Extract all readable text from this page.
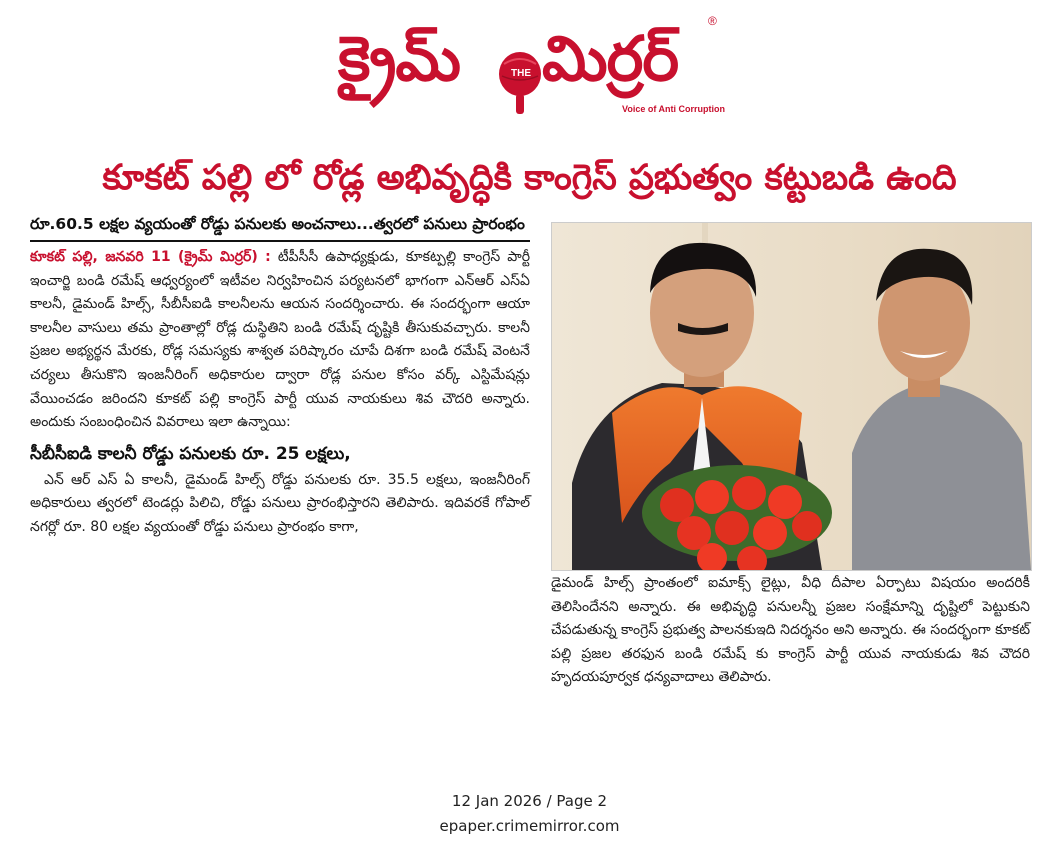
క్రైమ్	THE మిర్రర్
®
Voice of Anti Corruption
కూకట్ పల్లి లో రోడ్ల అభివృద్ధికి కాంగ్రెస్ ప్రభుత్వం కట్టుబడి ఉంది
రూ.60.5 లక్షల వ్యయంతో రోడ్డు పనులకు అంచనాలు...త్వరలో పనులు ప్రారంభం

కూకట్ పల్లి, జనవరి 11 (క్రైమ్ మిర్రర్) : టీపీసీసీ ఉపాధ్యక్షుడు, కూకట్పల్లి కాంగ్రెస్ పార్టీ ఇంచార్జి బండి రమేష్ ఆధ్వర్యంలో ఇటీవల నిర్వహించిన పర్యటనలో భాగంగా ఎన్ఆర్ ఎస్ఏ కాలనీ, డైమండ్ హిల్స్, సీబీసీఐడి కాలనీలను ఆయన సందర్శించారు. ఈ సందర్భంగా ఆయా కాలనీల వాసులు తమ ప్రాంతాల్లో రోడ్ల దుస్థితిని బండి రమేష్ దృష్టికి తీసుకువచ్చారు. కాలనీ ప్రజల అభ్యర్థన మేరకు, రోడ్ల సమస్యకు శాశ్వత పరిష్కారం చూపే దిశగా బండి రమేష్ వెంటనే చర్యలు తీసుకొని ఇంజనీరింగ్ అధికారుల ద్వారా రోడ్ల పనుల కోసం వర్క్ ఎస్టిమేషన్లు వేయించడం జరిందని కూకట్ పల్లి కాంగ్రెస్ పార్టీ యువ నాయకులు శివ చౌదరి అన్నారు. అందుకు సంబంధించిన వివరాలు ఇలా ఉన్నాయి:

సీబీసీఐడి కాలనీ రోడ్డు పనులకు రూ. 25 లక్షలు,

ఎన్ ఆర్ ఎస్ ఏ కాలనీ, డైమండ్ హిల్స్ రోడ్డు పనులకు రూ. 35.5 లక్షలు, ఇంజనీరింగ్ అధికారులు త్వరలో టెండర్లు పిలిచి, రోడ్డు పనులు ప్రారంభిస్తారని తెలిపారు. ఇదివరకే గోపాల్ నగర్లో రూ. 80 లక్షల వ్యయంతో రోడ్డు పనులు ప్రారంభం కాగా,

డైమండ్ హిల్స్ ప్రాంతంలో ఐమాక్స్ లైట్లు, వీధి దీపాల ఏర్పాటు విషయం అందరికీ తెలిసిందేనని అన్నారు. ఈ అభివృద్ధి పనులన్నీ ప్రజల సంక్షేమాన్ని దృష్టిలో పెట్టుకుని చేపడుతున్న కాంగ్రెస్ ప్రభుత్వ పాలనకుఇది నిదర్శనం అని అన్నారు. ఈ సందర్భంగా కూకట్ పల్లి ప్రజల తరఫున బండి రమేష్ కు కాంగ్రెస్ పార్టీ యువ నాయకుడు శివ చౌదరి హృదయపూర్వక ధన్యవాదాలు తెలిపారు.

12 Jan 2026 / Page 2
epaper.crimemirror.com
